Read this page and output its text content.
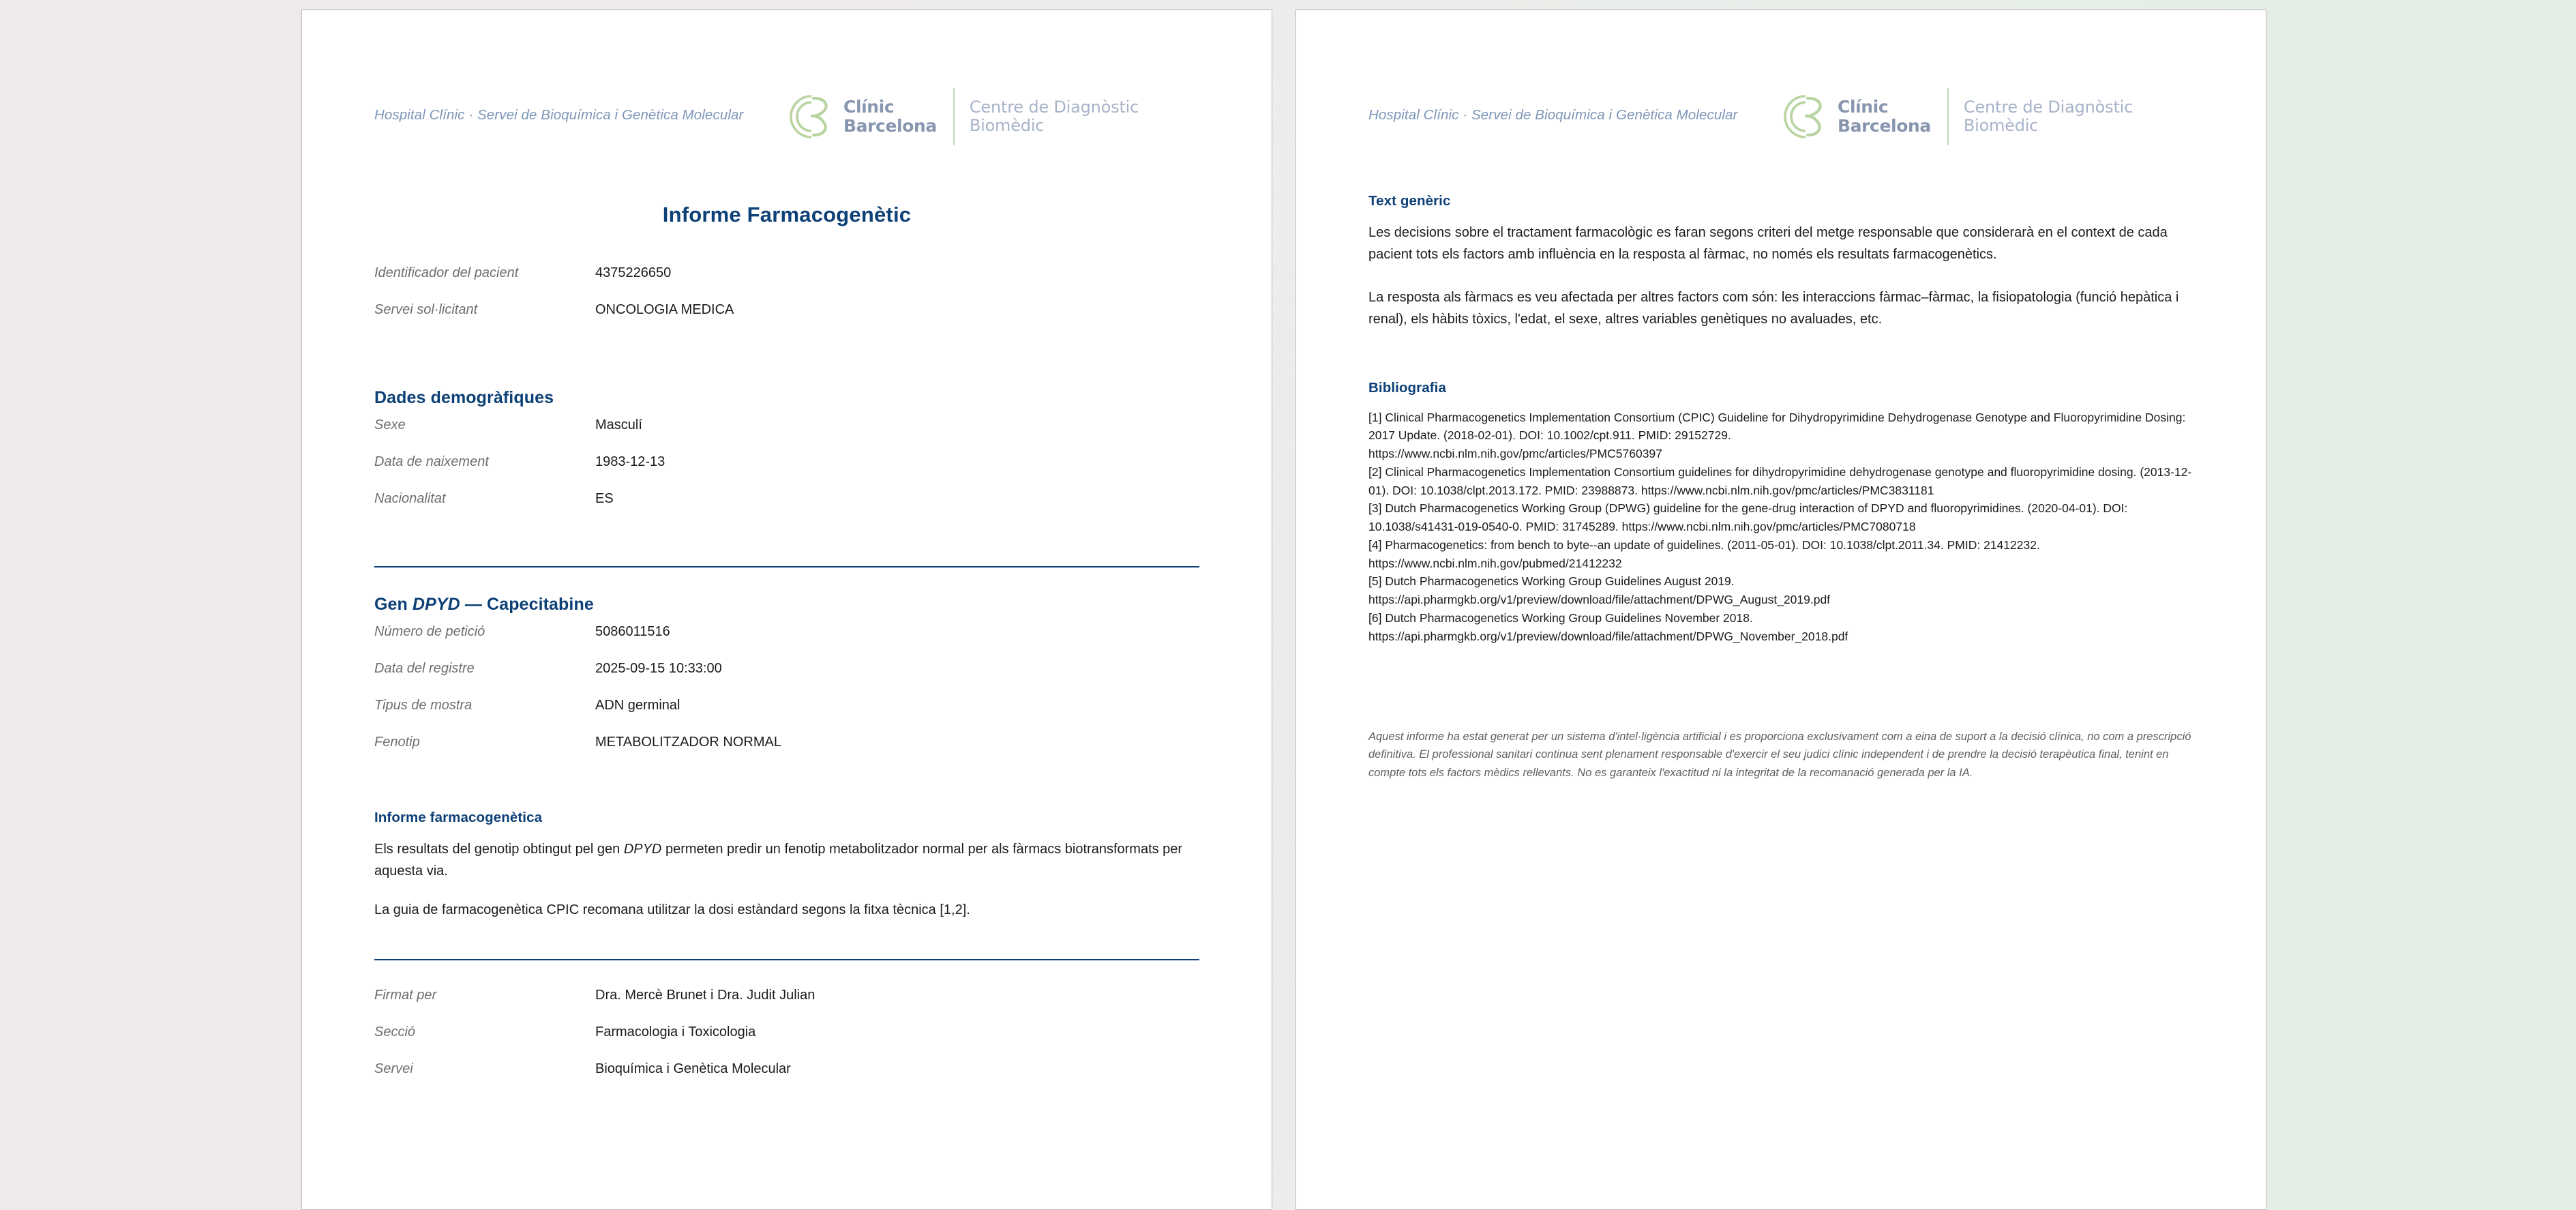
Hospital Clínic · Servei de Bioquímica i Genètica Molecular	Clínic
Barcelona
Centre de Diagnòstic
Biomèdic
Informe Farmacogenètic
Identificador del pacient	4375226650
Servei sol·licitant	ONCOLOGIA MEDICA
Dades demogràfiques
Sexe	Masculí
Data de naixement	1983-12-13
Nacionalitat	ES
Gen DPYD — Capecitabine
Número de petició	5086011516
Data del registre	2025-09-15 10:33:00
Tipus de mostra	ADN germinal
Fenotip	METABOLITZADOR NORMAL
Informe farmacogenètica

Els resultats del genotip obtingut pel gen DPYD permeten predir un fenotip metabolitzador normal per als fàrmacs biotransformats per aquesta via.

La guia de farmacogenètica CPIC recomana utilitzar la dosi estàndard segons la fitxa tècnica [1,2].

Firmat per	Dra. Mercè Brunet i Dra. Judit Julian
Secció	Farmacologia i Toxicologia
Servei	Bioquímica i Genètica Molecular
Hospital Clínic · Servei de Bioquímica i Genètica Molecular	Clínic
Barcelona
Centre de Diagnòstic
Biomèdic
Text genèric

Les decisions sobre el tractament farmacològic es faran segons criteri del metge responsable que considerarà en el context de cada pacient tots els factors amb influència en la resposta al fàrmac, no només els resultats farmacogenètics.

La resposta als fàrmacs es veu afectada per altres factors com són: les interaccions fàrmac–fàrmac, la fisiopatologia (funció hepàtica i renal), els hàbits tòxics, l'edat, el sexe, altres variables genètiques no avaluades, etc.

Bibliografia

[1] Clinical Pharmacogenetics Implementation Consortium (CPIC) Guideline for Dihydropyrimidine Dehydrogenase Genotype and Fluoropyrimidine Dosing: 2017 Update. (2018-02-01). DOI: 10.1002/cpt.911. PMID: 29152729.

https://www.ncbi.nlm.nih.gov/pmc/articles/PMC5760397

[2] Clinical Pharmacogenetics Implementation Consortium guidelines for dihydropyrimidine dehydrogenase genotype and fluoropyrimidine dosing. (2013-12-01). DOI: 10.1038/clpt.2013.172. PMID: 23988873. https://www.ncbi.nlm.nih.gov/pmc/articles/PMC3831181

[3] Dutch Pharmacogenetics Working Group (DPWG) guideline for the gene-drug interaction of DPYD and fluoropyrimidines. (2020-04-01). DOI: 10.1038/s41431-019-0540-0. PMID: 31745289. https://www.ncbi.nlm.nih.gov/pmc/articles/PMC7080718

[4] Pharmacogenetics: from bench to byte--an update of guidelines. (2011-05-01). DOI: 10.1038/clpt.2011.34. PMID: 21412232.

https://www.ncbi.nlm.nih.gov/pubmed/21412232

[5] Dutch Pharmacogenetics Working Group Guidelines August 2019.

https://api.pharmgkb.org/v1/preview/download/file/attachment/DPWG_August_2019.pdf

[6] Dutch Pharmacogenetics Working Group Guidelines November 2018.

https://api.pharmgkb.org/v1/preview/download/file/attachment/DPWG_November_2018.pdf

Aquest informe ha estat generat per un sistema d'intel·ligència artificial i es proporciona exclusivament com a eina de suport a la decisió clínica, no com a prescripció definitiva. El professional sanitari continua sent plenament responsable d'exercir el seu judici clínic independent i de prendre la decisió terapèutica final, tenint en compte tots els factors mèdics rellevants. No es garanteix l'exactitud ni la integritat de la recomanació generada per la IA.
